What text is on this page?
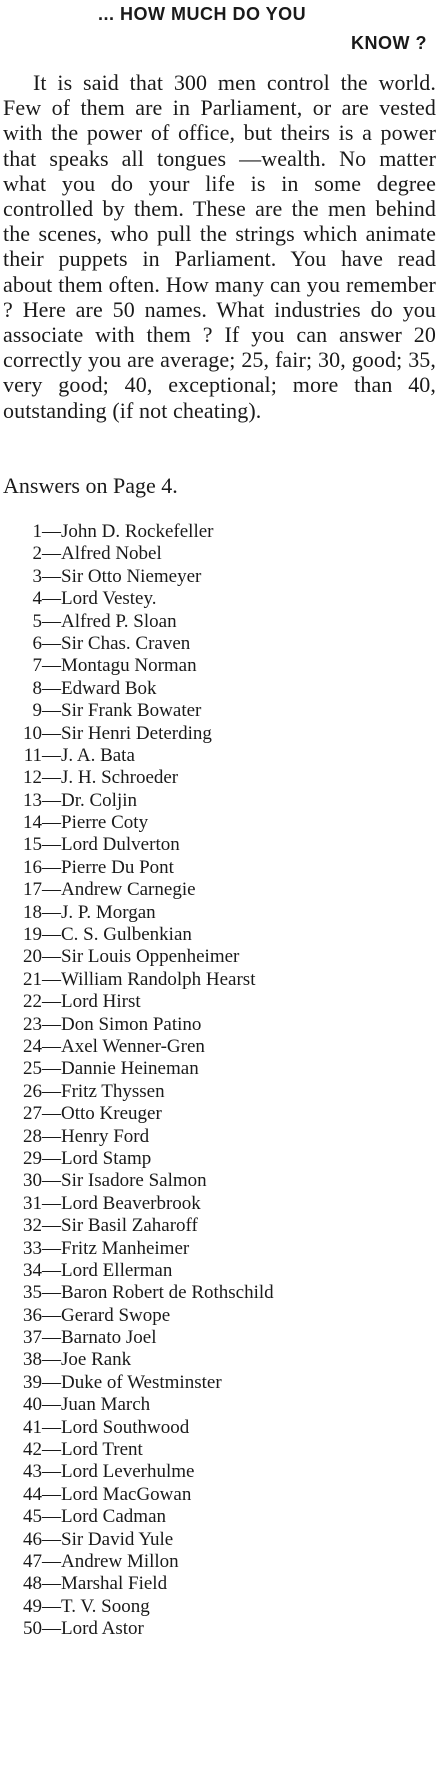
... HOW MUCH DO YOU
KNOW ?

It is said that 300 men control the world. Few of them are in Parliament, or are vested with the power of office, but theirs is a power that speaks all tongues —wealth. No matter what you do your life is in some degree controlled by them. These are the men behind the scenes, who pull the strings which animate their puppets in Parliament. You have read about them often. How many can you remember ? Here are 50 names. What industries do you associate with them ? If you can answer 20 correctly you are average; 25, fair; 30, good; 35, very good; 40, exceptional; more than 40, outstanding (if not cheating).

Answers on Page 4.
1—John D. Rockefeller
2—Alfred Nobel
3—Sir Otto Niemeyer
4—Lord Vestey.
5—Alfred P. Sloan
6—Sir Chas. Craven
7—Montagu Norman
8—Edward Bok
9—Sir Frank Bowater
10—Sir Henri Deterding
11—J. A. Bata
12—J. H. Schroeder
13—Dr. Coljin
14—Pierre Coty
15—Lord Dulverton
16—Pierre Du Pont
17—Andrew Carnegie
18—J. P. Morgan
19—C. S. Gulbenkian
20—Sir Louis Oppenheimer
21—William Randolph Hearst
22—Lord Hirst
23—Don Simon Patino
24—Axel Wenner-Gren
25—Dannie Heineman
26—Fritz Thyssen
27—Otto Kreuger
28—Henry Ford
29—Lord Stamp
30—Sir Isadore Salmon
31—Lord Beaverbrook
32—Sir Basil Zaharoff
33—Fritz Manheimer
34—Lord Ellerman
35—Baron Robert de Rothschild
36—Gerard Swope
37—Barnato Joel
38—Joe Rank
39—Duke of Westminster
40—Juan March
41—Lord Southwood
42—Lord Trent
43—Lord Leverhulme
44—Lord MacGowan
45—Lord Cadman
46—Sir David Yule
47—Andrew Millon
48—Marshal Field
49—T. V. Soong
50—Lord Astor
